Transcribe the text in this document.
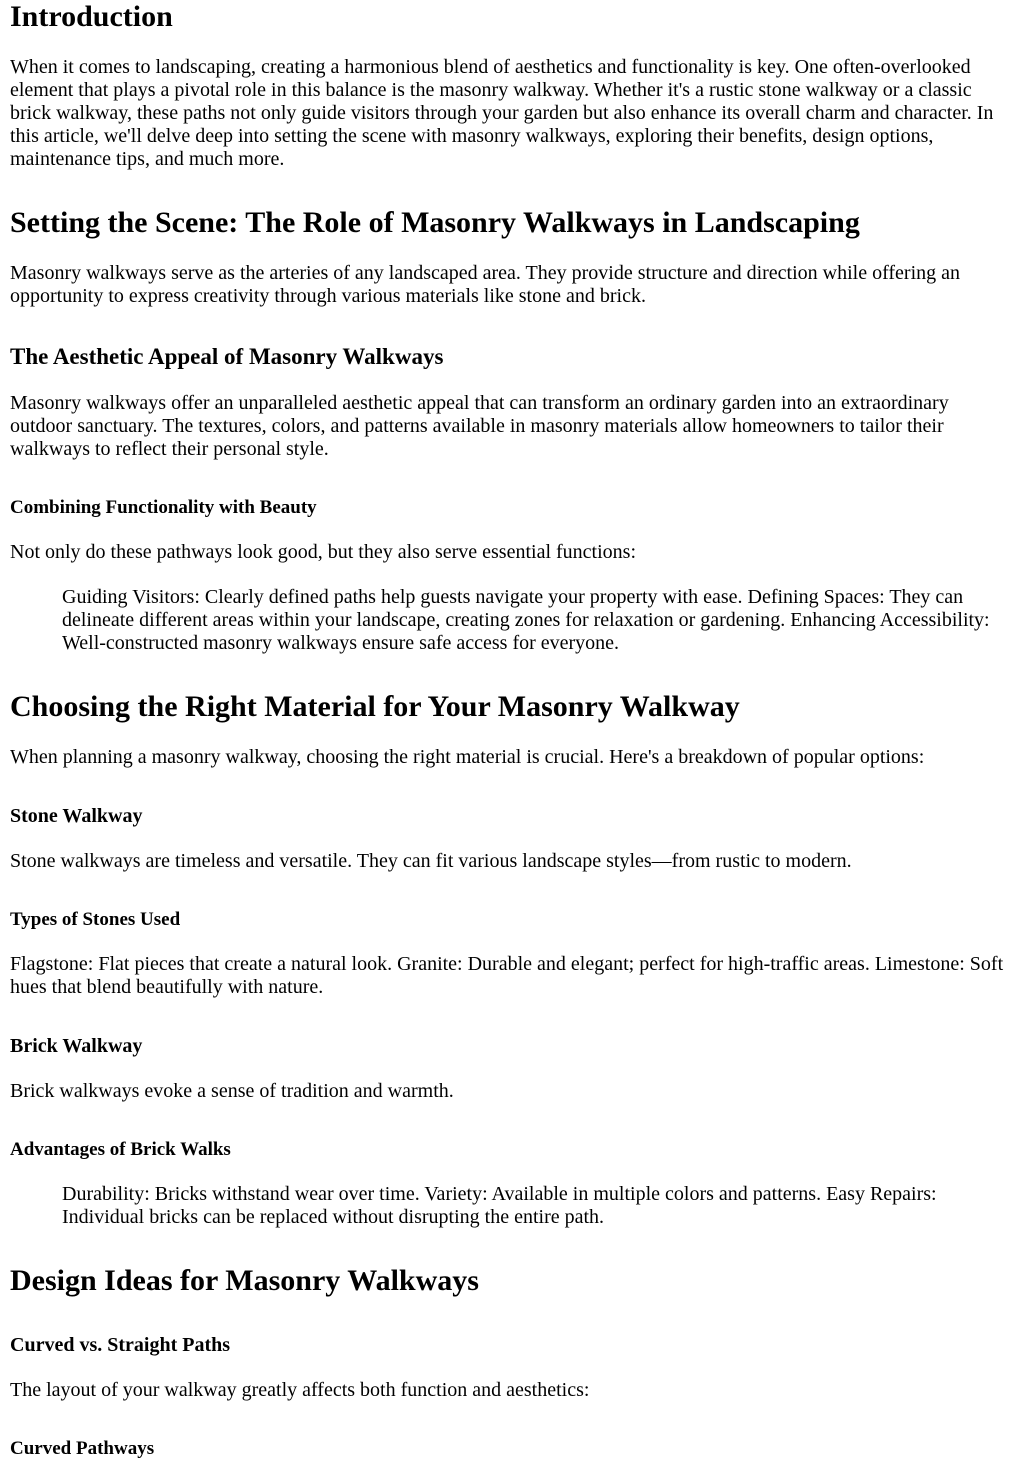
Introduction

When it comes to landscaping, creating a harmonious blend of aesthetics and functionality is key. One often-overlooked element that plays a pivotal role in this balance is the masonry walkway. Whether it's a rustic stone walkway or a classic brick walkway, these paths not only guide visitors through your garden but also enhance its overall charm and character. In this article, we'll delve deep into setting the scene with masonry walkways, exploring their benefits, design options, maintenance tips, and much more.

Setting the Scene: The Role of Masonry Walkways in Landscaping

Masonry walkways serve as the arteries of any landscaped area. They provide structure and direction while offering an opportunity to express creativity through various materials like stone and brick.

The Aesthetic Appeal of Masonry Walkways

Masonry walkways offer an unparalleled aesthetic appeal that can transform an ordinary garden into an extraordinary outdoor sanctuary. The textures, colors, and patterns available in masonry materials allow homeowners to tailor their walkways to reflect their personal style.

Combining Functionality with Beauty

Not only do these pathways look good, but they also serve essential functions:

Guiding Visitors: Clearly defined paths help guests navigate your property with ease. Defining Spaces: They can delineate different areas within your landscape, creating zones for relaxation or gardening. Enhancing Accessibility: Well-constructed masonry walkways ensure safe access for everyone.
Choosing the Right Material for Your Masonry Walkway

When planning a masonry walkway, choosing the right material is crucial. Here's a breakdown of popular options:

Stone Walkway

Stone walkways are timeless and versatile. They can fit various landscape styles—from rustic to modern.

Types of Stones Used

Flagstone: Flat pieces that create a natural look. Granite: Durable and elegant; perfect for high-traffic areas. Limestone: Soft hues that blend beautifully with nature.

Brick Walkway

Brick walkways evoke a sense of tradition and warmth.

Advantages of Brick Walks
Durability: Bricks withstand wear over time. Variety: Available in multiple colors and patterns. Easy Repairs: Individual bricks can be replaced without disrupting the entire path.
Design Ideas for Masonry Walkways
Curved vs. Straight Paths

The layout of your walkway greatly affects both function and aesthetics:

Curved Pathways
